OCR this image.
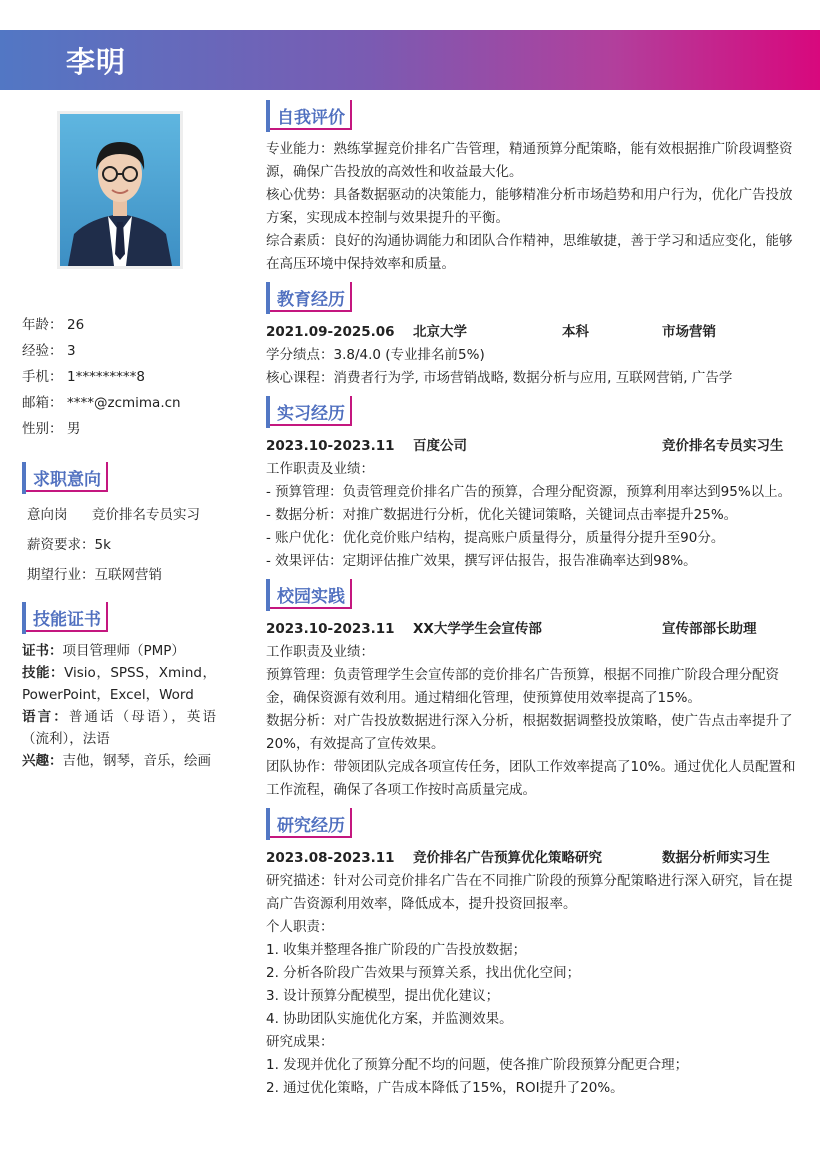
李明
年龄： 26
经验： 3
手机： 1*********8
邮箱： ****@zcmima.cn
性别： 男
求职意向
意向岗 竞价排名专员实习
薪资要求：5k
期望行业：互联网营销
技能证书

证书：项目管理师（PMP）

技能：Visio，SPSS，Xmind，PowerPoint，Excel，Word

语言：普通话（母语），英语（流利），法语

兴趣：吉他，钢琴，音乐，绘画

自我评价

专业能力：熟练掌握竞价排名广告管理，精通预算分配策略，能有效根据推广阶段调整资源，确保广告投放的高效性和收益最大化。

核心优势：具备数据驱动的决策能力，能够精准分析市场趋势和用户行为，优化广告投放方案，实现成本控制与效果提升的平衡。

综合素质：良好的沟通协调能力和团队合作精神，思维敏捷，善于学习和适应变化，能够在高压环境中保持效率和质量。

教育经历
2021.09-2025.06 北京大学	本科	市场营销

学分绩点：3.8/4.0 (专业排名前5%)

核心课程：消费者行为学, 市场营销战略, 数据分析与应用, 互联网营销, 广告学

实习经历
2023.10-2023.11 百度公司	竞价排名专员实习生

工作职责及业绩：

- 预算管理：负责管理竞价排名广告的预算，合理分配资源，预算利用率达到95%以上。

- 数据分析：对推广数据进行分析，优化关键词策略，关键词点击率提升25%。

- 账户优化：优化竞价账户结构，提高账户质量得分，质量得分提升至90分。

- 效果评估：定期评估推广效果，撰写评估报告，报告准确率达到98%。

校园实践
2023.10-2023.11 XX大学学生会宣传部	宣传部部长助理

工作职责及业绩：

预算管理：负责管理学生会宣传部的竞价排名广告预算，根据不同推广阶段合理分配资金，确保资源有效利用。通过精细化管理，使预算使用效率提高了15%。

数据分析：对广告投放数据进行深入分析，根据数据调整投放策略，使广告点击率提升了20%，有效提高了宣传效果。

团队协作：带领团队完成各项宣传任务，团队工作效率提高了10%。通过优化人员配置和工作流程，确保了各项工作按时高质量完成。

研究经历
2023.08-2023.11 竞价排名广告预算优化策略研究	数据分析师实习生

研究描述：针对公司竞价排名广告在不同推广阶段的预算分配策略进行深入研究，旨在提高广告资源利用效率，降低成本，提升投资回报率。

个人职责：

1. 收集并整理各推广阶段的广告投放数据；

2. 分析各阶段广告效果与预算关系，找出优化空间；

3. 设计预算分配模型，提出优化建议；

4. 协助团队实施优化方案，并监测效果。

研究成果：

1. 发现并优化了预算分配不均的问题，使各推广阶段预算分配更合理；

2. 通过优化策略，广告成本降低了15%，ROI提升了20%。
